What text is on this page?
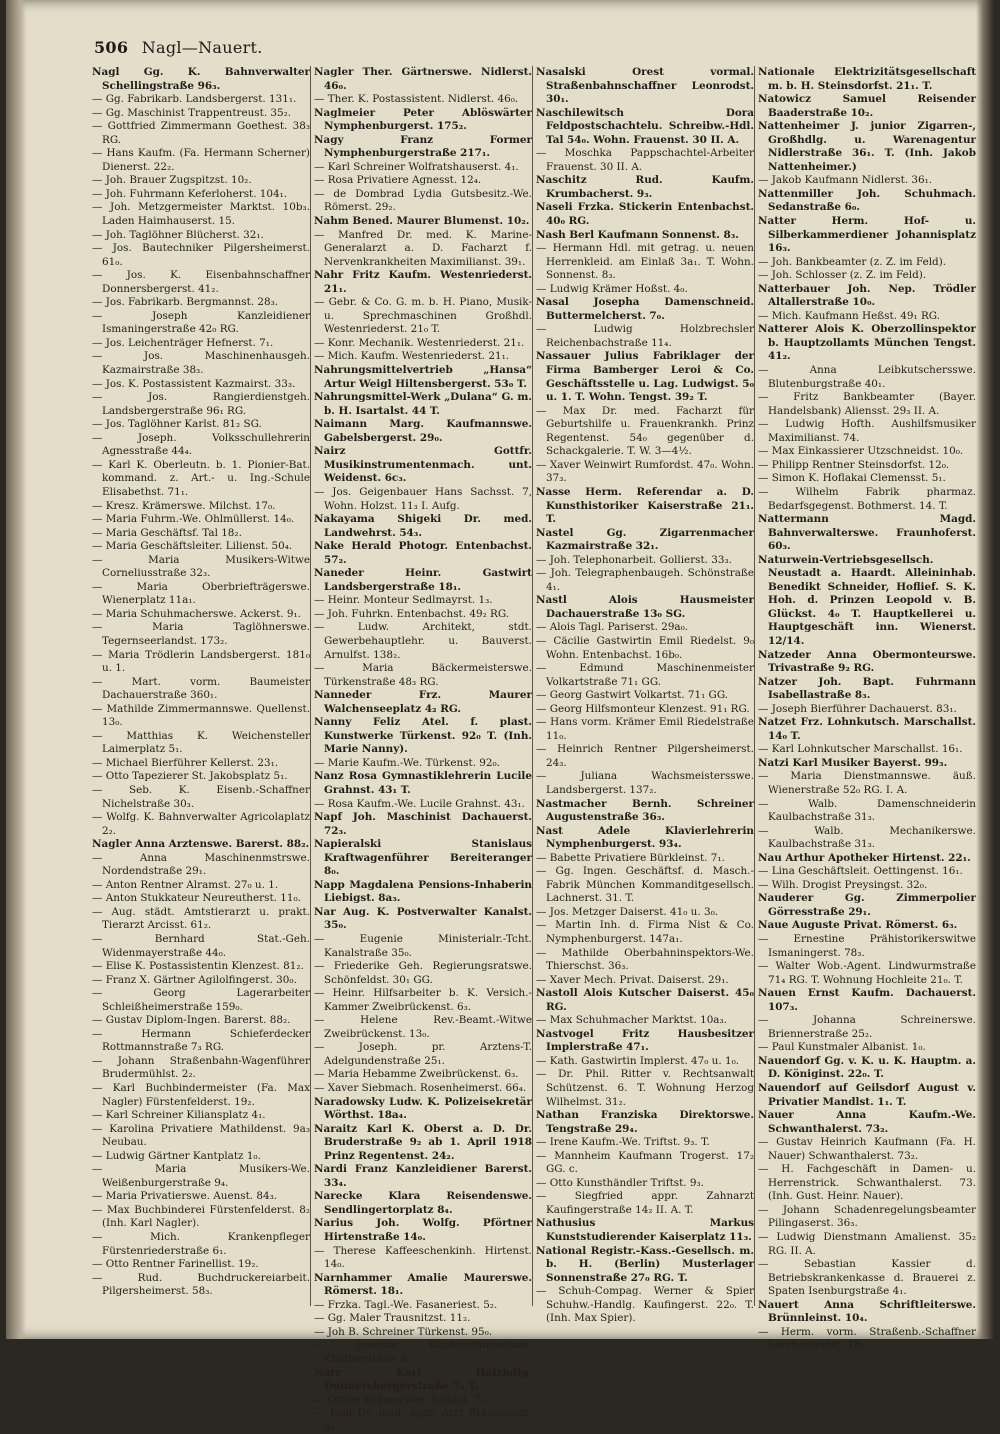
506 Nagl—Nauert.

Nagl Gg. K. Bahnverwalter Schellingstraße 96₃.

— Gg. Fabrikarb. Landsbergerst. 131₁.

— Gg. Maschinist Trappentreust. 35₂.

— Gottfried Zimmermann Goethest. 38₃ RG.

— Hans Kaufm. (Fa. Hermann Scherner) Dienerst. 22₂.

— Joh. Brauer Zugspitzst. 10₂.

— Joh. Fuhrmann Keferloherst. 104₁.

— Joh. Metzgermeister Marktst. 10b₃. Laden Haimhauserst. 15.

— Joh. Taglöhner Blücherst. 32₁.

— Jos. Bautechniker Pilgersheimerst. 61₀.

— Jos. K. Eisenbahnschaffner Donnersbergerst. 41₂.

— Jos. Fabrikarb. Bergmannst. 28₃.

— Joseph Kanzleidiener Ismaningerstraße 42₀ RG.

— Jos. Leichenträger Hefnerst. 7₁.

— Jos. Maschinenhausgeh. Kazmairstraße 38₃.

— Jos. K. Postassistent Kazmairst. 33₃.

— Jos. Rangierdienstgeh. Landsbergerstraße 96₁ RG.

— Jos. Taglöhner Karlst. 81₂ SG.

— Joseph. Volksschullehrerin Agnesstraße 44₄.

— Karl K. Oberleutn. b. 1. Pionier-Bat. kommand. z. Art.- u. Ing.-Schule Elisabethst. 71₁.

— Kresz. Krämerswe. Milchst. 17₀.

— Maria Fuhrm.-We. Ohlmüllerst. 14₀.

— Maria Geschäftsf. Tal 18₂.

— Maria Geschäftsleiter. Lilienst. 50₄.

— Maria Musikers-Witwe Corneliusstraße 32₃.

— Maria Oberbriefträgerswe. Wienerplatz 11a₁.

— Maria Schuhmacherswe. Ackerst. 9₁.

— Maria Taglöhnerswe. Tegernseerlandst. 173₂.

— Maria Trödlerin Landsbergerst. 181₀ u. 1.

— Mart. vorm. Baumeister Dachauerstraße 360₁.

— Mathilde Zimmermannswe. Quellenst. 13₀.

— Matthias K. Weichensteller Laimerplatz 5₁.

— Michael Bierführer Kellerst. 23₁.

— Otto Tapezierer St. Jakobsplatz 5₁.

— Seb. K. Eisenb.-Schaffner Nichelstraße 30₃.

— Wolfg. K. Bahnverwalter Agricolaplatz 2₂.

Nagler Anna Arztenswe. Barerst. 88₂.

— Anna Maschinenmstrswe. Nordendstraße 29₁.

— Anton Rentner Alramst. 27₀ u. 1.

— Anton Stukkateur Neureutherst. 11₀.

— Aug. städt. Amtstierarzt u. prakt. Tierarzt Arcisst. 61₂.

— Bernhard Stat.-Geh. Widenmayerstraße 44₀.

— Elise K. Postassistentin Klenzest. 81₂.

— Franz X. Gärtner Agilolfingerst. 30₀.

— Georg Lagerarbeiter Schleißheimerstraße 159₀.

— Gustav Diplom-Ingen. Barerst. 88₂.

— Hermann Schieferdecker Rottmannstraße 7₃ RG.

— Johann Straßenbahn-Wagenführer Brudermühlst. 2₂.

— Karl Buchbindermeister (Fa. Max Nagler) Fürstenfelderst. 19₂.

— Karl Schreiner Kiliansplatz 4₁.

— Karolina Privatiere Mathildenst. 9a₃ Neubau.

— Ludwig Gärtner Kantplatz 1₀.

— Maria Musikers-We. Weißenburgerstraße 9₄.

— Maria Privatierswe. Auenst. 84₃.

— Max Buchbinderei Fürstenfelderst. 8₂ (Inh. Karl Nagler).

— Mich. Krankenpfleger Fürstenriederstraße 6₁.

— Otto Rentner Farinellist. 19₂.

— Rud. Buchdruckereiarbeit. Pilgersheimerst. 58₃.

Nagler Ther. Gärtnerswe. Nidlerst. 46₀.

— Ther. K. Postassistent. Nidlerst. 46₀.

Naglmeier Peter Ablöswärter Nymphenburgerst. 175₂.

Nagy Franz Former Nymphenburgerstraße 217₁.

— Karl Schreiner Wolfratshauserst. 4₁.

— Rosa Privatiere Agnesst. 12₄.

— de Dombrad Lydia Gutsbesitz.-We. Römerst. 29₂.

Nahm Bened. Maurer Blumenst. 10₂.

— Manfred Dr. med. K. Marine-Generalarzt a. D. Facharzt f. Nervenkrankheiten Maximilianst. 39₁.

Nahr Fritz Kaufm. Westenriederst. 21₁.

— Gebr. & Co. G. m. b. H. Piano, Musik- u. Sprechmaschinen Großhdl. Westenriederst. 21₀ T.

— Konr. Mechanik. Westenriederst. 21₁.

— Mich. Kaufm. Westenriederst. 21₁.

Nahrungsmittelvertrieb „Hansa“ Artur Weigl Hiltensbergerst. 53₀ T.

Nahrungsmittel-Werk „Dulana“ G. m. b. H. Isartalst. 44 T.

Naimann Marg. Kaufmannswe. Gabelsbergerst. 29₀.

Nairz Gottfr. Musikinstrumentenmach. unt. Weidenst. 6c₃.

— Jos. Geigenbauer Hans Sachsst. 7, Wohn. Holzst. 11₃ I. Aufg.

Nakayama Shigeki Dr. med. Landwehrst. 54₃.

Nake Herald Photogr. Entenbachst. 57₂.

Naneder Heinr. Gastwirt Landsbergerstraße 18₁.

— Heinr. Monteur Sedlmayrst. 1₃.

— Joh. Fuhrkn. Entenbachst. 49₂ RG.

— Ludw. Architekt, stdt. Gewerbehauptlehr. u. Bauverst. Arnulfst. 138₂.

— Maria Bäckermeisterswe. Türkenstraße 48₃ RG.

Nanneder Frz. Maurer Walchenseeplatz 4₂ RG.

Nanny Feliz Atel. f. plast. Kunstwerke Türkenst. 92₀ T. (Inh. Marie Nanny).

— Marie Kaufm.-We. Türkenst. 92₀.

Nanz Rosa Gymnastiklehrerin Lucile Grahnst. 43₁ T.

— Rosa Kaufm.-We. Lucile Grahnst. 43₁.

Napf Joh. Maschinist Dachauerst. 72₃.

Napieralski Stanislaus Kraftwagenführer Bereiteranger 8₀.

Napp Magdalena Pensions-Inhaberin Liebigst. 8a₃.

Nar Aug. K. Postverwalter Kanalst. 35₀.

— Eugenie Ministerialr.-Tcht. Kanalstraße 35₀.

— Friederike Geh. Regierungsratswe. Schönfeldst. 30₁ GG.

— Heinr. Hilfsarbeiter b. K. Versich.-Kammer Zweibrückenst. 6₃.

— Helene Rev.-Beamt.-Witwe Zweibrückenst. 13₀.

— Joseph. pr. Arztens-T. Adelgundenstraße 25₁.

— Maria Hebamme Zweibrückenst. 6₃.

— Xaver Siebmach. Rosenheimerst. 66₄.

Naradowsky Ludw. K. Polizeisekretär Wörthst. 18a₄.

Naraitz Karl K. Oberst a. D. Dr. Bruderstraße 9₂ ab 1. April 1918 Prinz Regentenst. 24₂.

Nardi Franz Kanzleidiener Barerst. 33₄.

Narecke Klara Reisendenswe. Sendlingertorplatz 8₄.

Narius Joh. Wolfg. Pförtner Hirtenstraße 14₀.

— Therese Kaffeeschenkinh. Hirtenst. 14₀.

Narnhammer Amalie Maurerswe. Römerst. 18₁.

— Frzka. Tagl.-We. Fasaneriest. 5₂.

— Gg. Maler Trausnitzst. 11₂.

— Joh B. Schreiner Türkenst. 95₀.

— Josepha Kupferschmiedswe. Khidlerstraße 8₀.

Narr Karl Holzhdlg. Donnersbergerstraße 7₃ T.

— Ottilie Krämerswe. Sandst. 7₃.

— Paul Dr. med. appr. Arzt Bräuhausst. 4₂.

Nasalski Orest vormal. Straßenbahnschaffner Leonrodst. 30₁.

Naschilewitsch Dora Feldpostschachtelu. Schreibw.-Hdl. Tal 54₀. Wohn. Frauenst. 30 II. A.

— Moschka Pappschachtel-Arbeiter Frauenst. 30 II. A.

Naschitz Rud. Kaufm. Krumbacherst. 9₃.

Naseli Frzka. Stickerin Entenbachst. 40₀ RG.

Nash Berl Kaufmann Sonnenst. 8₃.

— Hermann Hdl. mit getrag. u. neuen Herrenkleid. am Einlaß 3a₁. T. Wohn. Sonnenst. 8₃.

— Ludwig Krämer Hoßst. 4₀.

Nasal Josepha Damenschneid. Buttermelcherst. 7₀.

— Ludwig Holzbrechsler Reichenbachstraße 11₄.

Nassauer Julius Fabriklager der Firma Bamberger Leroi & Co. Geschäftsstelle u. Lag. Ludwigst. 5₀ u. 1. T. Wohn. Tengst. 39₂ T.

— Max Dr. med. Facharzt für Geburtshilfe u. Frauenkrankh. Prinz Regentenst. 54₀ gegenüber d. Schackgalerie. T. W. 3—4½.

— Xaver Weinwirt Rumfordst. 47₀. Wohn. 37₃.

Nasse Herm. Referendar a. D. Kunsthistoriker Kaiserstraße 21₁. T.

Nastel Gg. Zigarrenmacher Kazmairstraße 32₁.

— Joh. Telephonarbeit. Gollierst. 33₃.

— Joh. Telegraphenbaugeh. Schönstraße 4₁.

Nastl Alois Hausmeister Dachauerstraße 13₀ SG.

— Alois Tagl. Pariserst. 29a₀.

— Cäcilie Gastwirtin Emil Riedelst. 9₀ Wohn. Entenbachst. 16b₀.

— Edmund Maschinenmeister Volkartstraße 71₁ GG.

— Georg Gastwirt Volkartst. 71₁ GG.

— Georg Hilfsmonteur Klenzest. 91₁ RG.

— Hans vorm. Krämer Emil Riedelstraße 11₀.

— Heinrich Rentner Pilgersheimerst. 24₃.

— Juliana Wachsmeistersswe. Landsbergerst. 137₂.

Nastmacher Bernh. Schreiner Augustenstraße 36₃.

Nast Adele Klavierlehrerin Nymphenburgerst. 93₄.

— Babette Privatiere Bürkleinst. 7₁.

— Gg. Ingen. Geschäftsf. d. Masch.-Fabrik München Kommanditgesellsch. Lachnerst. 31. T.

— Jos. Metzger Daiserst. 41₀ u. 3₀.

— Martin Inh. d. Firma Nist & Co. Nymphenburgerst. 147a₁.

— Mathilde Oberbahninspektors-We. Thierschst. 36₃.

— Xaver Mech. Privat. Daiserst. 29₁.

Nastoll Alois Kutscher Daiserst. 45₀ RG.

— Max Schuhmacher Marktst. 10a₃.

Nastvogel Fritz Hausbesitzer Implerstraße 47₁.

— Kath. Gastwirtin Implerst. 47₀ u. 1₀.

— Dr. Phil. Ritter v. Rechtsanwalt Schützenst. 6. T. Wohnung Herzog Wilhelmst. 31₂.

Nathan Franziska Direktorswe. Tengstraße 29₄.

— Irene Kaufm.-We. Triftst. 9₃. T.

— Mannheim Kaufmann Trogerst. 17₂ GG. c.

— Otto Kunsthändler Triftst. 9₃.

— Siegfried appr. Zahnarzt Kaufingerstraße 14₂ II. A. T.

Nathusius Markus Kunststudierender Kaiserplatz 11₃.

National Registr.-Kass.-Gesellsch. m. b. H. (Berlin) Musterlager Sonnenstraße 27₀ RG. T.

— Schuh-Compag. Werner & Spier Schuhw.-Handlg. Kaufingerst. 22₀. T. (Inh. Max Spier).

Nationale Elektrizitätsgesellschaft m. b. H. Steinsdorfst. 21₁. T.

Natowicz Samuel Reisender Baaderstraße 10₂.

Nattenheimer J. junior Zigarren-, Großhdlg. u. Warenagentur Nidlerstraße 36₁. T. (Inh. Jakob Nattenheimer.)

— Jakob Kaufmann Nidlerst. 36₁.

Nattenmiller Joh. Schuhmach. Sedanstraße 6₀.

Natter Herm. Hof- u. Silberkammerdiener Johannisplatz 16₃.

— Joh. Bankbeamter (z. Z. im Feld).

— Joh. Schlosser (z. Z. im Feld).

Natterbauer Joh. Nep. Trödler Altallerstraße 10₀.

— Mich. Kaufmann Heßst. 49₁ RG.

Natterer Alois K. Oberzollinspektor b. Hauptzollamts München Tengst. 41₂.

— Anna Leibkutschersswe. Blutenburgstraße 40₁.

— Fritz Bankbeamter (Bayer. Handelsbank) Aliensst. 29₃ II. A.

— Ludwig Hofth. Aushilfsmusiker Maximilianst. 74.

— Max Einkassierer Utzschneidst. 10₀.

— Philipp Rentner Steinsdorfst. 12₀.

— Simon K. Hoflakai Clemensst. 5₁.

— Wilhelm Fabrik pharmaz. Bedarfsgegenst. Bothmerst. 14. T.

Nattermann Magd. Bahnverwalterswe. Fraunhoferst. 60₃.

Naturwein-Vertriebsgesellsch. Neustadt a. Haardt. Alleininhab. Benedikt Schneider, Hoflief. S. K. Hoh. d. Prinzen Leopold v. B. Glückst. 4₀ T. Hauptkellerei u. Hauptgeschäft inn. Wienerst. 12/14.

Natzeder Anna Obermonteurswe. Trivastraße 9₂ RG.

Natzer Joh. Bapt. Fuhrmann Isabellastraße 8₃.

— Joseph Bierführer Dachauerst. 83₁.

Natzet Frz. Lohnkutsch. Marschallst. 14₀ T.

— Karl Lohnkutscher Marschallst. 16₁.

Natzi Karl Musiker Bayerst. 99₃.

— Maria Dienstmannswe. äuß. Wienerstraße 52₀ RG. I. A.

— Walb. Damenschneiderin Kaulbachstraße 31₃.

— Walb. Mechanikerswe. Kaulbachstraße 31₃.

Nau Arthur Apotheker Hirtenst. 22₁.

— Lina Geschäftsleit. Oettingenst. 16₁.

— Wilh. Drogist Preysingst. 32₀.

Nauderer Gg. Zimmerpolier Görresstraße 29₁.

Naue Auguste Privat. Römerst. 6₃.

— Ernestine Prähistorikerswitwe Ismaningerst. 78₃.

— Walter Wob.-Agent. Lindwurmstraße 71₄ RG. T. Wohnung Hochleite 21₀. T.

Nauen Ernst Kaufm. Dachauerst. 107₃.

— Johanna Schreinerswe. Briennerstraße 25₂.

— Paul Kunstmaler Albanist. 1₀.

Nauendorf Gg. v. K. u. K. Hauptm. a. D. Königinst. 22₀. T.

Nauendorf auf Geilsdorf August v. Privatier Mandlst. 1₁. T.

Nauer Anna Kaufm.-We. Schwanthalerst. 73₂.

— Gustav Heinrich Kaufmann (Fa. H. Nauer) Schwanthalerst. 73₂.

— H. Fachgeschäft in Damen- u. Herrenstrick. Schwanthalerst. 73. (Inh. Gust. Heinr. Nauer).

— Johann Schadenregelungsbeamter Pilingaserst. 36₃.

— Ludwig Dienstmann Amalienst. 35₂ RG. II. A.

— Sebastian Kassier d. Betriebskrankenkasse d. Brauerei z. Spaten Isenburgstraße 4₁.

Nauert Anna Schriftleiterswe. Brünnleinst. 10₄.

— Herm. vorm. Straßenb.-Schaffner Lerchenfeldst. 18₂.
